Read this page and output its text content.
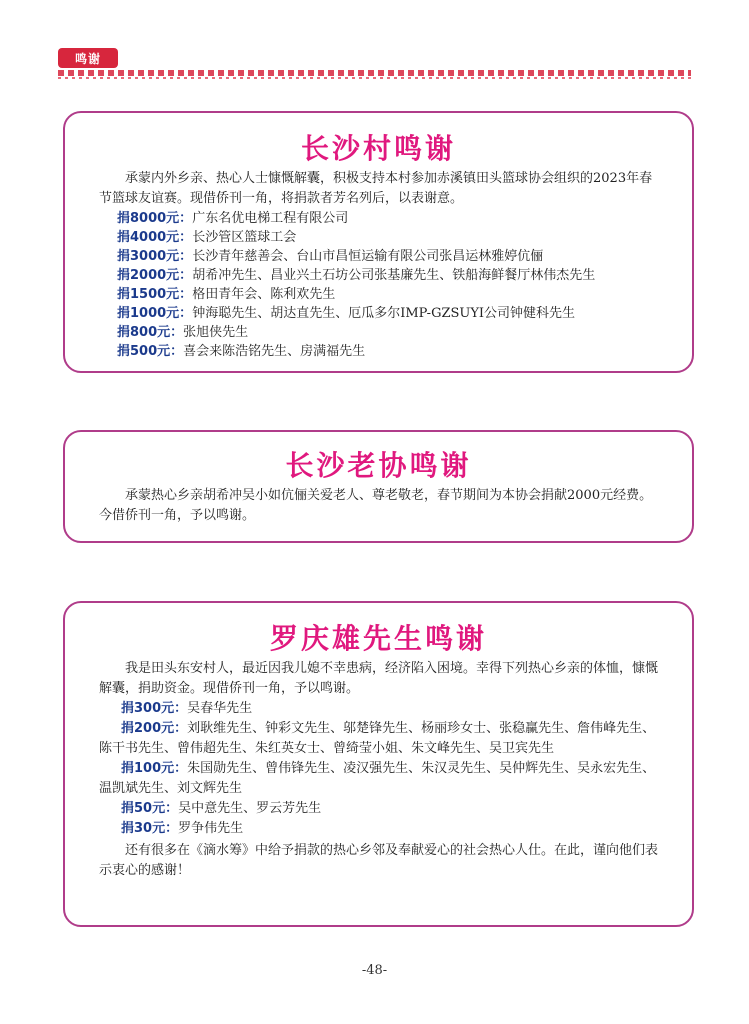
鸣谢
长沙村鸣谢

承蒙内外乡亲、热心人士慷慨解囊，积极支持本村参加赤溪镇田头篮球协会组织的2023年春节篮球友谊赛。现借侨刊一角，将捐款者芳名列后，以表谢意。

捐8000元：广东名优电梯工程有限公司
捐4000元：长沙管区篮球工会
捐3000元：长沙青年慈善会、台山市昌恒运输有限公司张昌运林雅婷伉俪
捐2000元：胡希冲先生、昌业兴土石坊公司张基廉先生、铁船海鲜餐厅林伟杰先生
捐1500元：格田青年会、陈利欢先生
捐1000元：钟海聪先生、胡达直先生、厄瓜多尔IMP-GZSUYI公司钟健科先生
捐800元：张旭侠先生
捐500元：喜会来陈浩铭先生、房满福先生
长沙老协鸣谢

承蒙热心乡亲胡希冲吴小如伉俪关爱老人、尊老敬老，春节期间为本协会捐献2000元经费。今借侨刊一角，予以鸣谢。

罗庆雄先生鸣谢

我是田头东安村人，最近因我儿媳不幸患病，经济陷入困境。幸得下列热心乡亲的体恤，慷慨解囊，捐助资金。现借侨刊一角，予以鸣谢。

捐300元：吴春华先生
捐200元：刘耿维先生、钟彩文先生、邬楚锋先生、杨丽珍女士、张稳赢先生、詹伟峰先生、陈干书先生、曾伟超先生、朱红英女士、曾绮莹小姐、朱文峰先生、吴卫宾先生
捐100元：朱国勋先生、曾伟锋先生、凌汉强先生、朱汉灵先生、吴仲辉先生、吴永宏先生、温凯斌先生、刘文辉先生
捐50元：吴中意先生、罗云芳先生
捐30元：罗争伟先生

还有很多在《滴水筹》中给予捐款的热心乡邻及奉献爱心的社会热心人仕。在此，谨向他们表示衷心的感谢！

-48-
